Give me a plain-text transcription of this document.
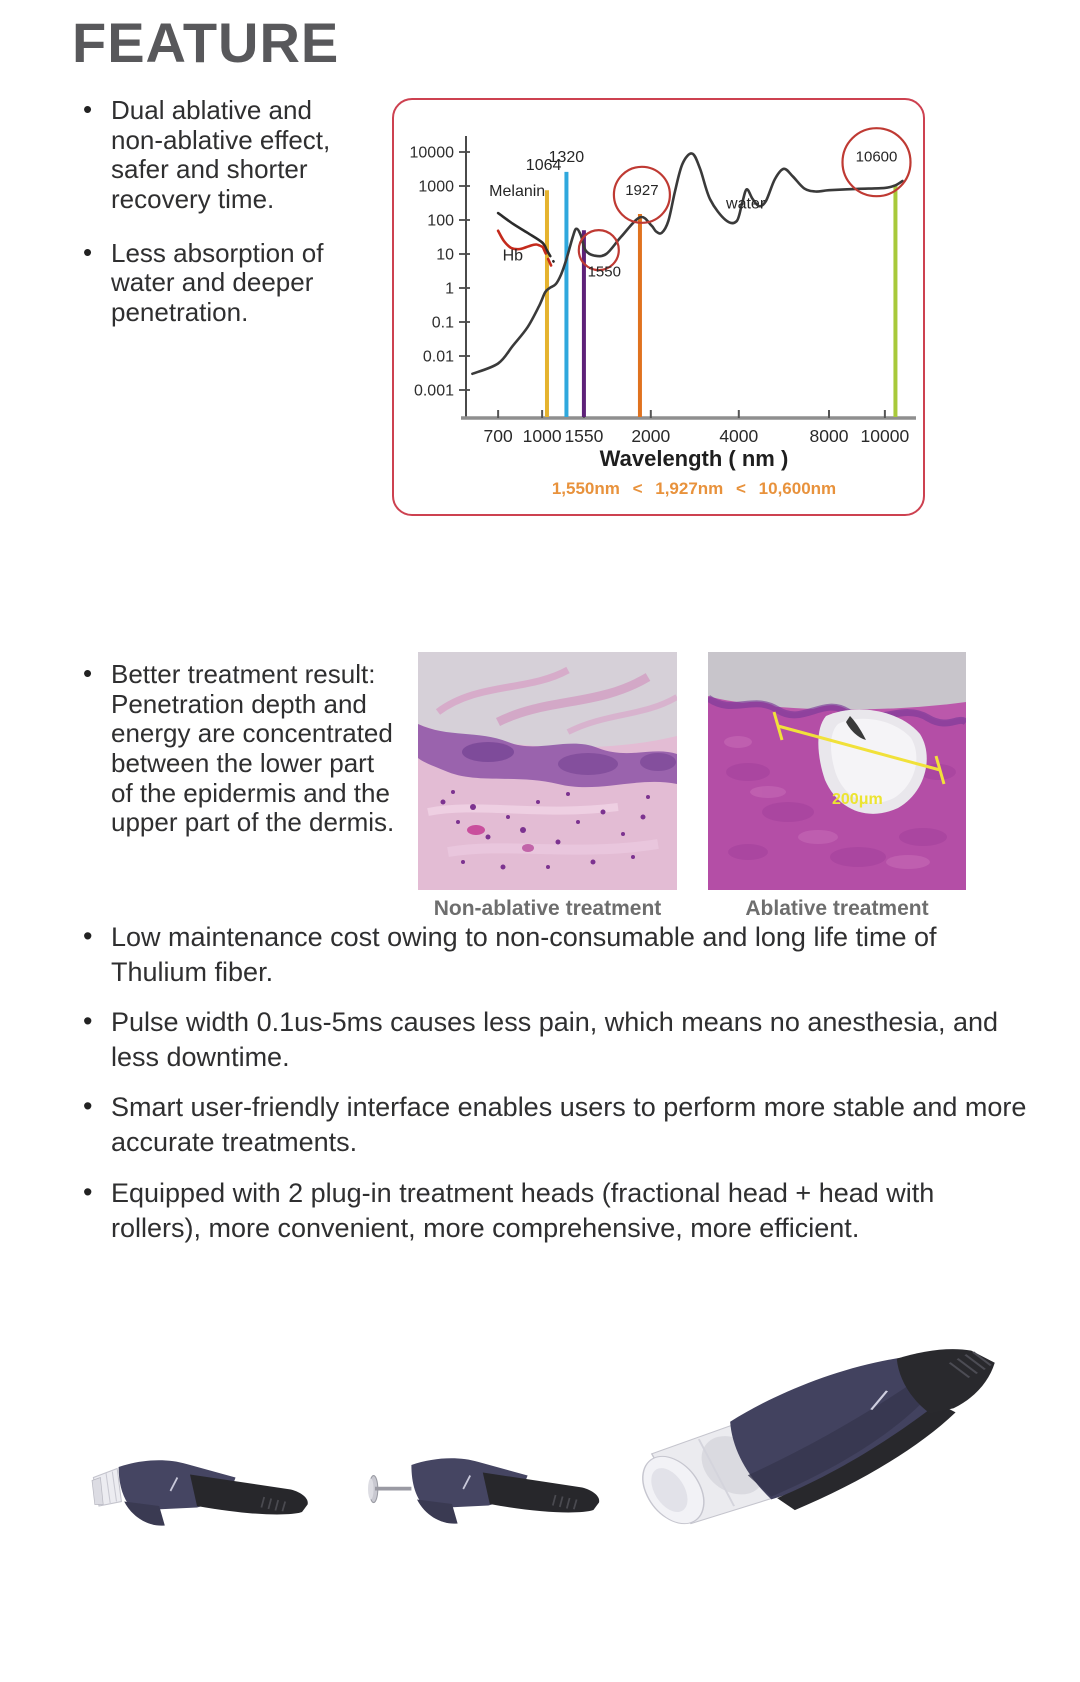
FEATURE
• Dual ablative and non-ablative effect, safer and shorter recovery time.
• Less absorption of water and deeper penetration.
10000
1000
100
10
1
0.1
0.01
0.001
700 1000 1550 2000	4000	8000 10000
1064
1320
Melanin
Hb
1550
1927
water
10600
Wavelength ( nm )
1,550nm < 1,927nm < 10,600nm
• Better treatment result: Penetration depth and energy are concentrated between the lower part of the epidermis and the upper part of the dermis.
Non-ablative treatment
200μm
Ablative treatment
• Low maintenance cost owing to non-consumable and long life time of Thulium fiber.
• Pulse width 0.1us-5ms causes less pain, which means no anesthesia, and less downtime.
• Smart user-friendly interface enables users to perform more stable and more accurate treatments.
• Equipped with 2 plug-in treatment heads (fractional head + head with rollers), more convenient, more comprehensive, more efficient.
